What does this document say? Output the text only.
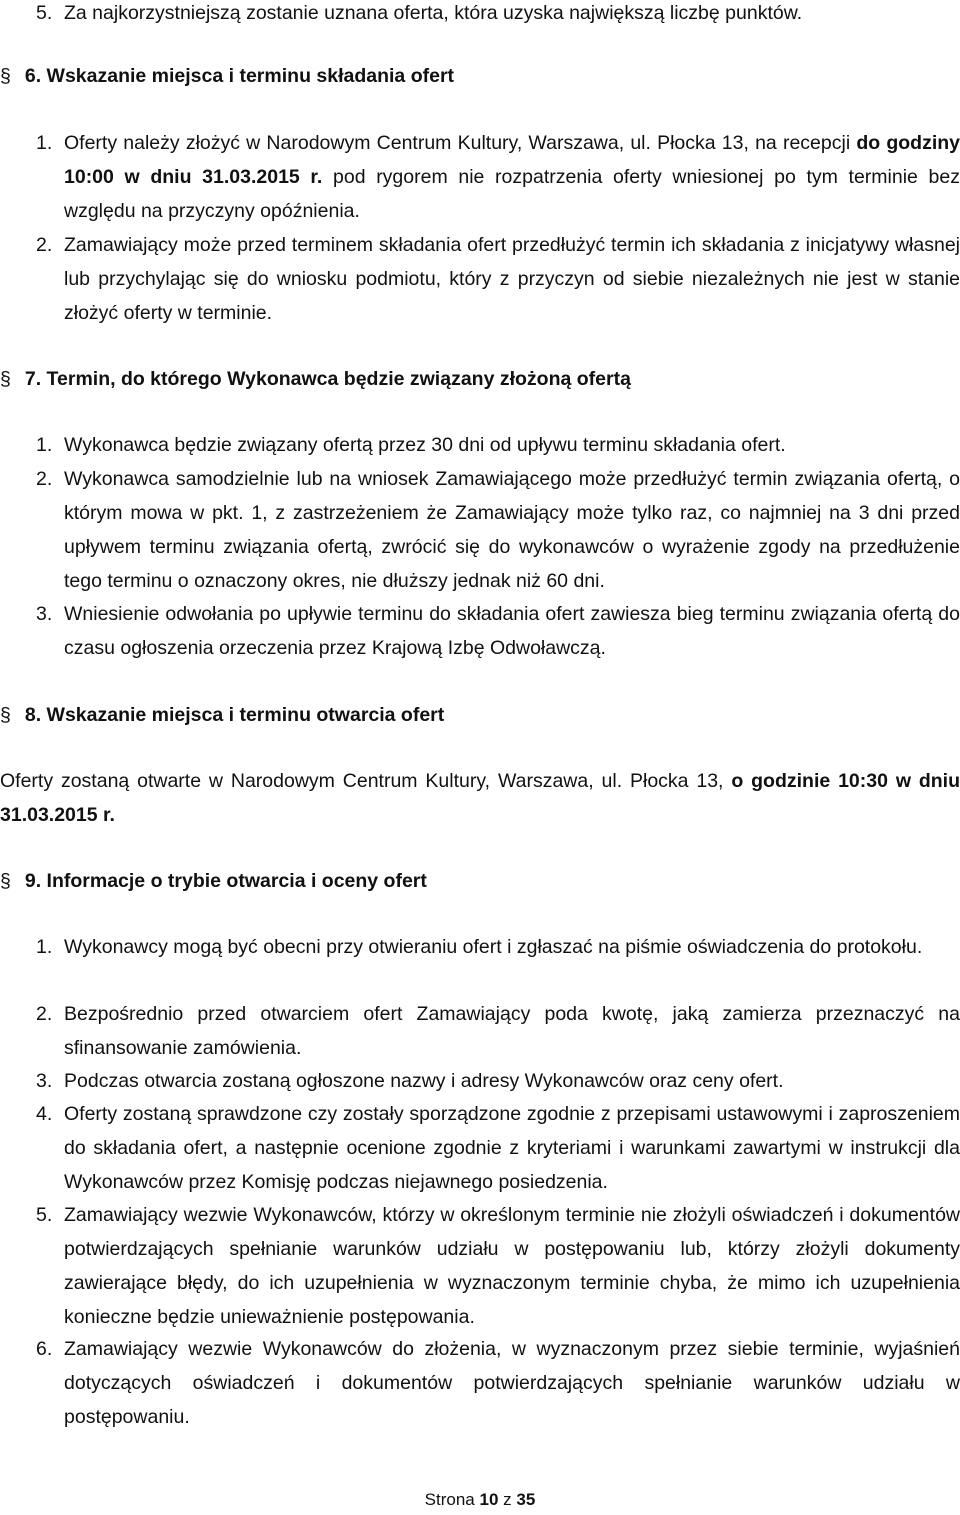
5. Za najkorzystniejszą zostanie uznana oferta, która uzyska największą liczbę punktów.
§ 6. Wskazanie miejsca i terminu składania ofert
1. Oferty należy złożyć w Narodowym Centrum Kultury, Warszawa, ul. Płocka 13, na recepcji do godziny 10:00 w dniu 31.03.2015 r. pod rygorem nie rozpatrzenia oferty wniesionej po tym terminie bez względu na przyczyny opóźnienia.
2. Zamawiający może przed terminem składania ofert przedłużyć termin ich składania z inicjatywy własnej lub przychylając się do wniosku podmiotu, który z przyczyn od siebie niezależnych nie jest w stanie złożyć oferty w terminie.
§ 7. Termin, do którego Wykonawca będzie związany złożoną ofertą
1. Wykonawca będzie związany ofertą przez 30 dni od upływu terminu składania ofert.
2. Wykonawca samodzielnie lub na wniosek Zamawiającego może przedłużyć termin związania ofertą, o którym mowa w pkt. 1, z zastrzeżeniem że Zamawiający może tylko raz, co najmniej na 3 dni przed upływem terminu związania ofertą, zwrócić się do wykonawców o wyrażenie zgody na przedłużenie tego terminu o oznaczony okres, nie dłuższy jednak niż 60 dni.
3. Wniesienie odwołania po upływie terminu do składania ofert zawiesza bieg terminu związania ofertą do czasu ogłoszenia orzeczenia przez Krajową Izbę Odwoławczą.
§ 8. Wskazanie miejsca i terminu otwarcia ofert
Oferty zostaną otwarte w Narodowym Centrum Kultury, Warszawa, ul. Płocka 13, o godzinie 10:30 w dniu 31.03.2015 r.
§ 9. Informacje o trybie otwarcia i oceny ofert
1. Wykonawcy mogą być obecni przy otwieraniu ofert i zgłaszać na piśmie oświadczenia do protokołu.
2. Bezpośrednio przed otwarciem ofert Zamawiający poda kwotę, jaką zamierza przeznaczyć na sfinansowanie zamówienia.
3. Podczas otwarcia zostaną ogłoszone nazwy i adresy Wykonawców oraz ceny ofert.
4. Oferty zostaną sprawdzone czy zostały sporządzone zgodnie z przepisami ustawowymi i zaproszeniem do składania ofert, a następnie ocenione zgodnie z kryteriami i warunkami zawartymi w instrukcji dla Wykonawców przez Komisję podczas niejawnego posiedzenia.
5. Zamawiający wezwie Wykonawców, którzy w określonym terminie nie złożyli oświadczeń i dokumentów potwierdzających spełnianie warunków udziału w postępowaniu lub, którzy złożyli dokumenty zawierające błędy, do ich uzupełnienia w wyznaczonym terminie chyba, że mimo ich uzupełnienia konieczne będzie unieważnienie postępowania.
6. Zamawiający wezwie Wykonawców do złożenia, w wyznaczonym przez siebie terminie, wyjaśnień dotyczących oświadczeń i dokumentów potwierdzających spełnianie warunków udziału w postępowaniu.
Strona 10 z 35
